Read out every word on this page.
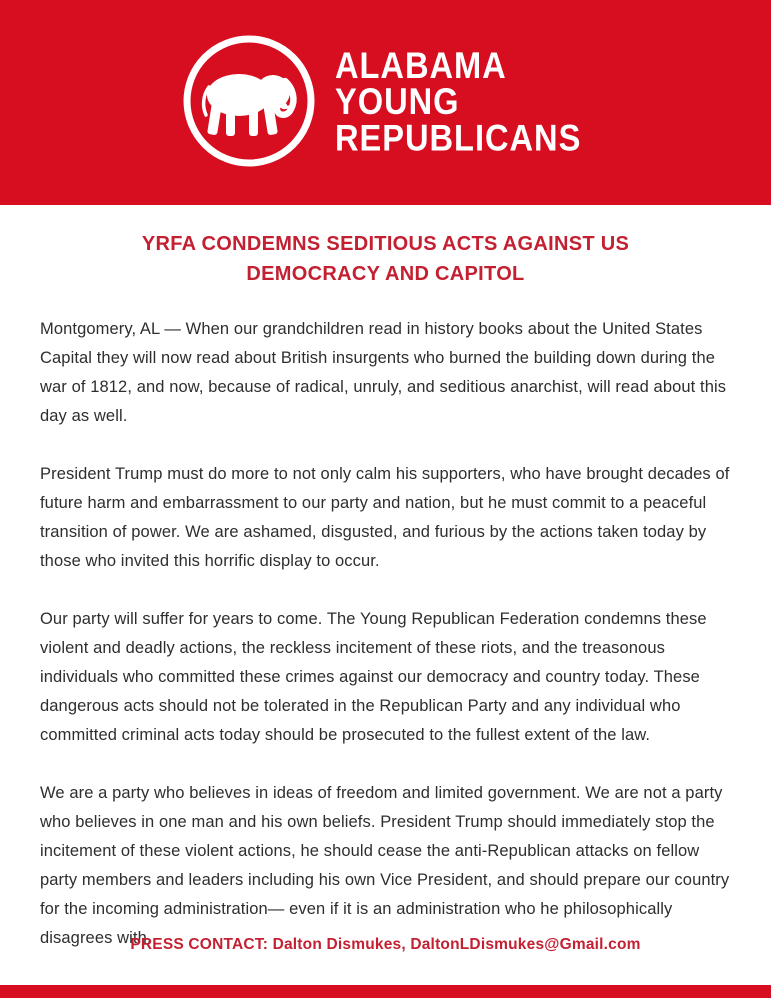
ALABAMA
YOUNG
REPUBLICANS
YRFA CONDEMNS SEDITIOUS ACTS AGAINST US
DEMOCRACY AND CAPITOL

Montgomery, AL — When our grandchildren read in history books about the United States Capital they will now read about British insurgents who burned the building down during the war of 1812, and now, because of radical, unruly, and seditious anarchist, will read about this day as well.

President Trump must do more to not only calm his supporters, who have brought decades of future harm and embarrassment to our party and nation, but he must commit to a peaceful transition of power. We are ashamed, disgusted, and furious by the actions taken today by those who invited this horrific display to occur.

Our party will suffer for years to come. The Young Republican Federation condemns these violent and deadly actions, the reckless incitement of these riots, and the treasonous individuals who committed these crimes against our democracy and country today. These dangerous acts should not be tolerated in the Republican Party and any individual who committed criminal acts today should be prosecuted to the fullest extent of the law.

We are a party who believes in ideas of freedom and limited government. We are not a party who believes in one man and his own beliefs. President Trump should immediately stop the incitement of these violent actions, he should cease the anti-Republican attacks on fellow party members and leaders including his own Vice President, and should prepare our country for the incoming administration— even if it is an administration who he philosophically disagrees with.

PRESS CONTACT: Dalton Dismukes, DaltonLDismukes@Gmail.com
